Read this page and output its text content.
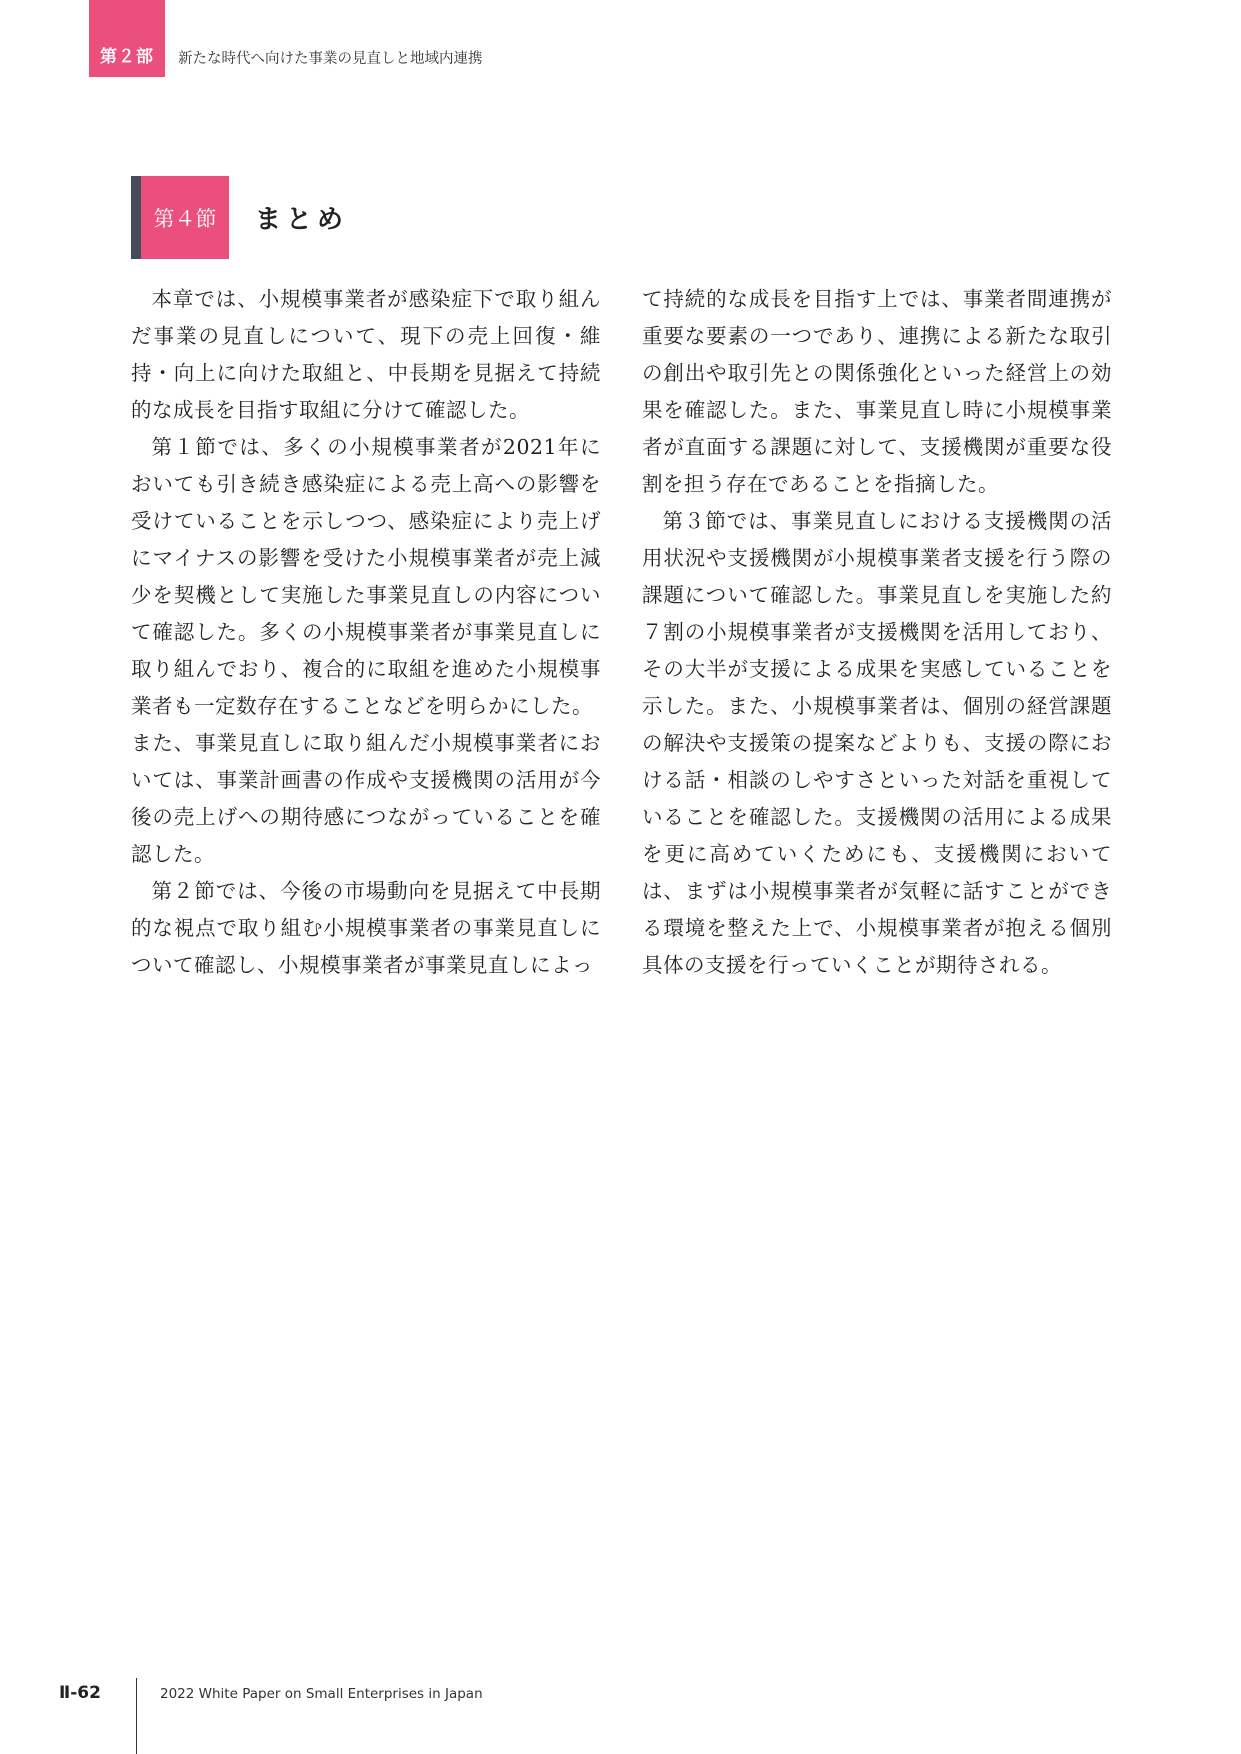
第２部 新たな時代へ向けた事業の見直しと地域内連携
第４節	まとめ

本章では、小規模事業者が感染症下で取り組んだ事業の見直しについて、現下の売上回復・維持・向上に向けた取組と、中長期を見据えて持続的な成長を目指す取組に分けて確認した。

第１節では、多くの小規模事業者が2021年においても引き続き感染症による売上高への影響を受けていることを示しつつ、感染症により売上げにマイナスの影響を受けた小規模事業者が売上減少を契機として実施した事業見直しの内容について確認した。多くの小規模事業者が事業見直しに取り組んでおり、複合的に取組を進めた小規模事業者も一定数存在することなどを明らかにした。

また、事業見直しに取り組んだ小規模事業者においては、事業計画書の作成や支援機関の活用が今後の売上げへの期待感につながっていることを確認した。

第２節では、今後の市場動向を見据えて中長期的な視点で取り組む小規模事業者の事業見直しについて確認し、小規模事業者が事業見直しによっ

て持続的な成長を目指す上では、事業者間連携が重要な要素の一つであり、連携による新たな取引の創出や取引先との関係強化といった経営上の効果を確認した。また、事業見直し時に小規模事業者が直面する課題に対して、支援機関が重要な役割を担う存在であることを指摘した。

第３節では、事業見直しにおける支援機関の活用状況や支援機関が小規模事業者支援を行う際の課題について確認した。事業見直しを実施した約７割の小規模事業者が支援機関を活用しており、その大半が支援による成果を実感していることを示した。また、小規模事業者は、個別の経営課題の解決や支援策の提案などよりも、支援の際における話・相談のしやすさといった対話を重視していることを確認した。支援機関の活用による成果を更に高めていくためにも、支援機関においては、まずは小規模事業者が気軽に話すことができる環境を整えた上で、小規模事業者が抱える個別具体の支援を行っていくことが期待される。

Ⅱ-62	2022 White Paper on Small Enterprises in Japan
